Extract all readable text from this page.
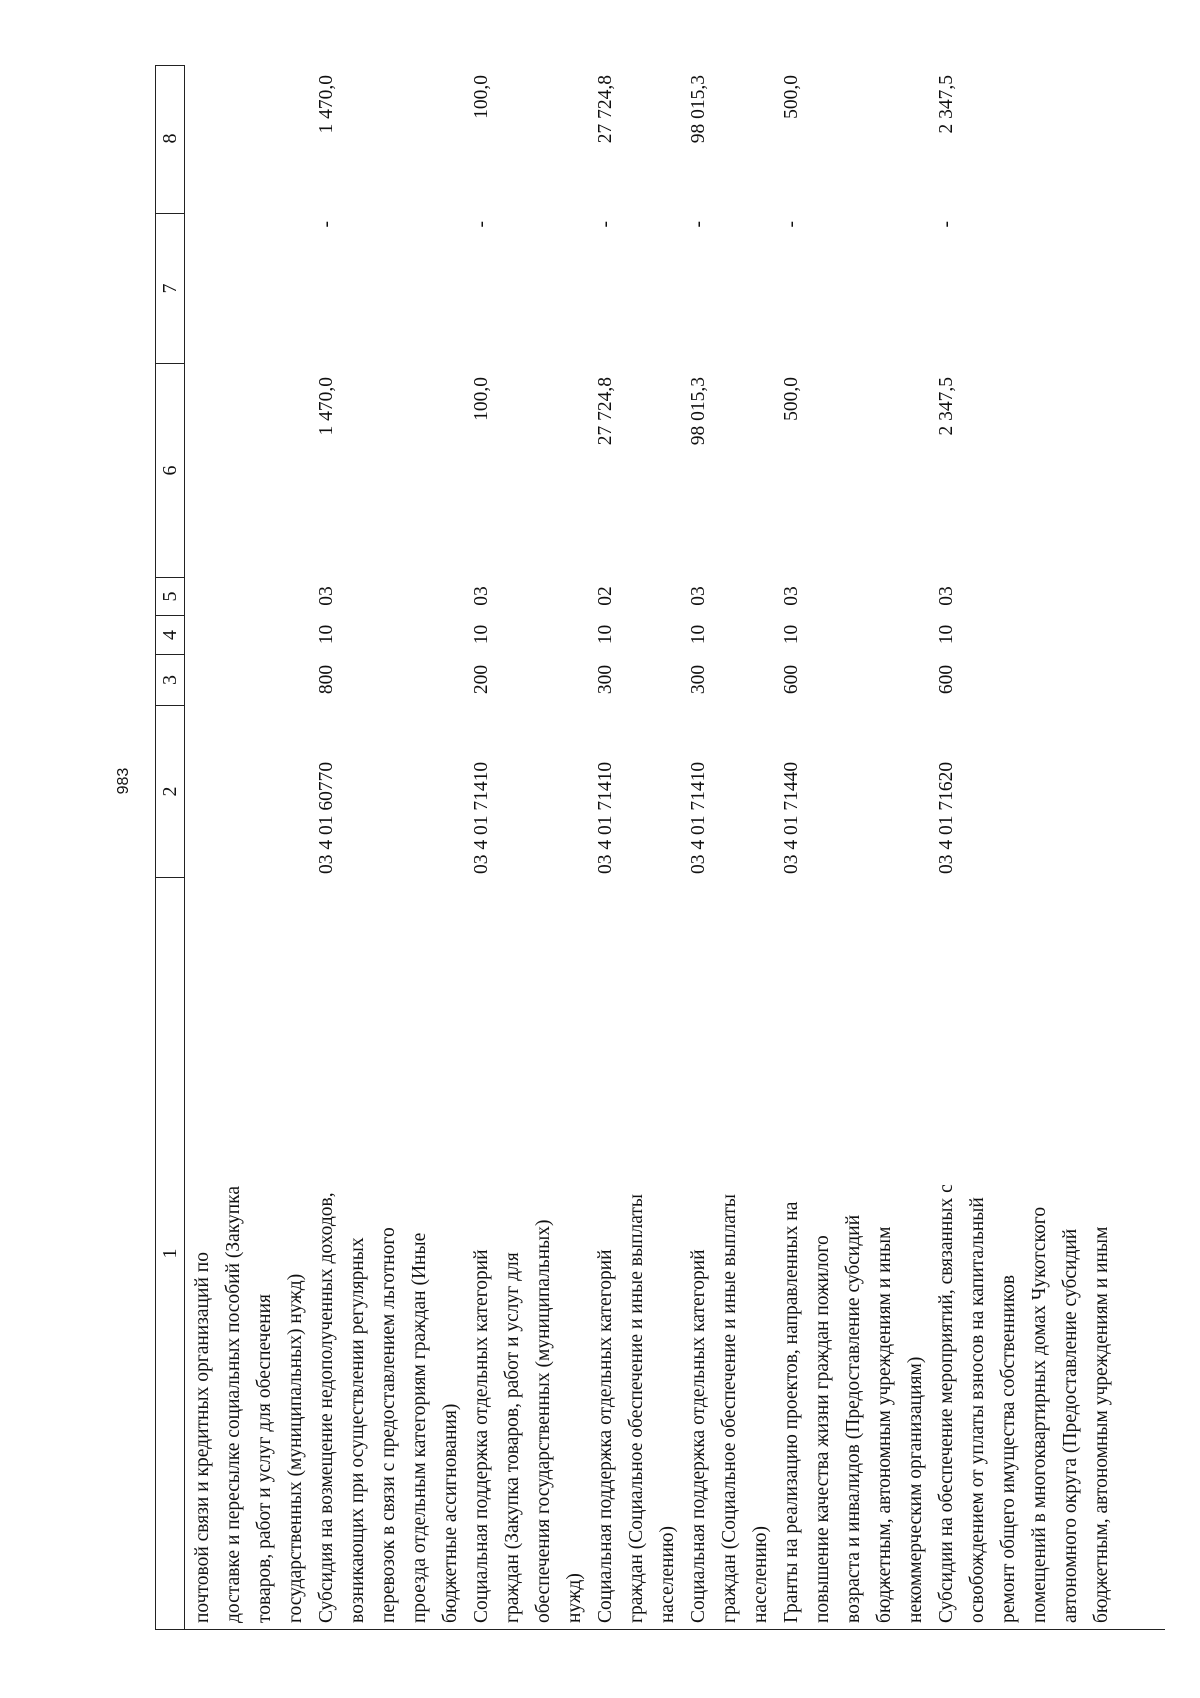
983
1
2
3
4
5
6
7
8
почтовой связи и кредитных организаций по доставке и пересылке социальных пособий (Закупка товаров, работ и услуг для обеспечения государственных (муниципальных) нужд) Субсидия на возмещение недополученных доходов, возникающих при осуществлении регулярных перевозок в связи с предоставлением льготного проезда отдельным категориям граждан (Иные бюджетные ассигнования)
03 4 01 60770
800
10
03
1 470,0
-
1 470,0
Социальная поддержка отдельных категорий граждан (Закупка товаров, работ и услуг для обеспечения государственных (муниципальных) нужд)
03 4 01 71410
200
10
03
100,0
-
100,0
Социальная поддержка отдельных категорий граждан (Социальное обеспечение и иные выплаты населению)
03 4 01 71410
300
10
02
27 724,8
-
27 724,8
Социальная поддержка отдельных категорий граждан (Социальное обеспечение и иные выплаты населению)
03 4 01 71410
300
10
03
98 015,3
-
98 015,3
Гранты на реализацию проектов, направленных на повышение качества жизни граждан пожилого возраста и инвалидов (Предоставление субсидий бюджетным, автономным учреждениям и иным некоммерческим организациям)
03 4 01 71440
600
10
03
500,0
-
500,0
Субсидии на обеспечение мероприятий, связанных с освобождением от уплаты взносов на капитальный ремонт общего имущества собственников помещений в многоквартирных домах Чукотского автономного округа (Предоставление субсидий бюджетным, автономным учреждениям и иным
03 4 01 71620
600
10
03
2 347,5
-
2 347,5
